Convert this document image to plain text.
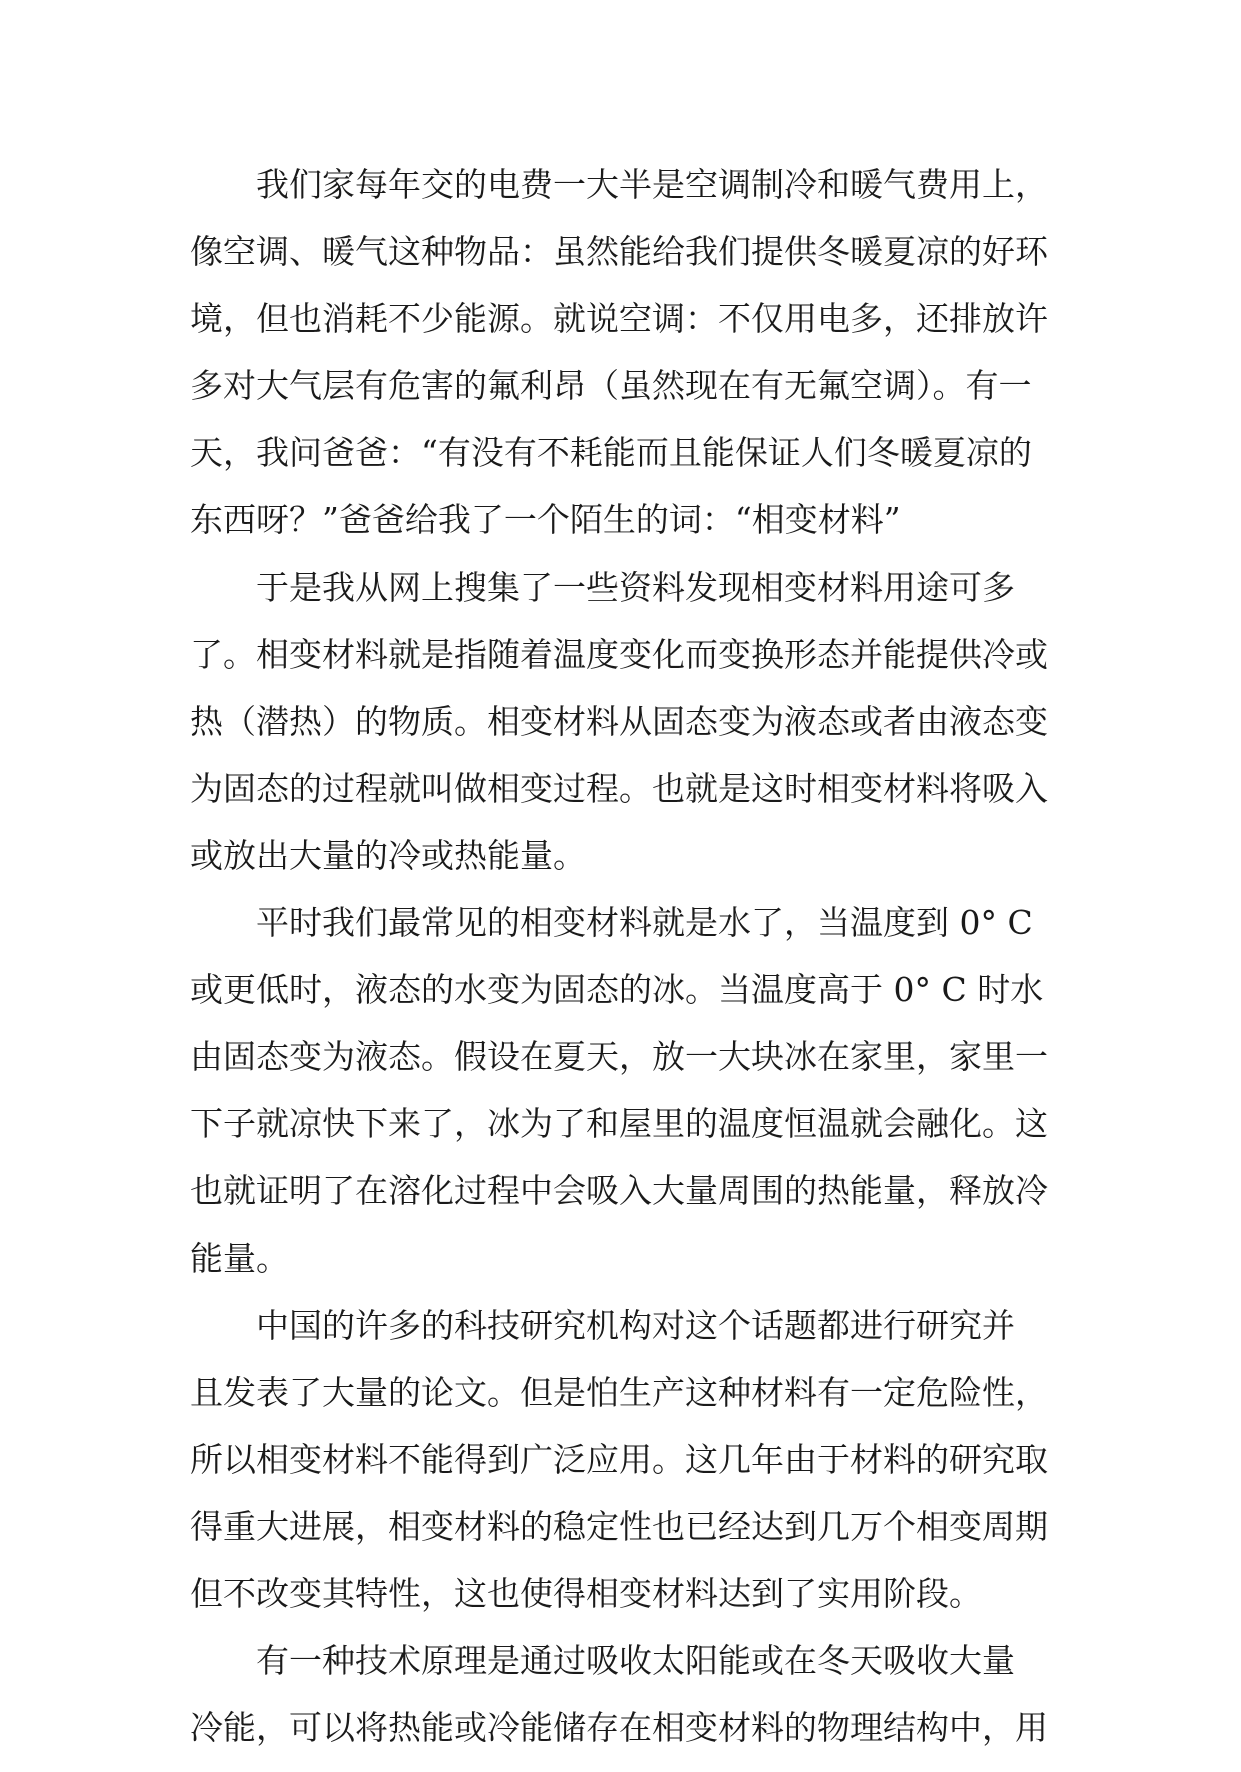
我们家每年交的电费一大半是空调制冷和暖气费用上，
像空调、暖气这种物品：虽然能给我们提供冬暖夏凉的好环
境，但也消耗不少能源。就说空调：不仅用电多，还排放许
多对大气层有危害的氟利昂（虽然现在有无氟空调）。有一
天，我问爸爸：“有没有不耗能而且能保证人们冬暖夏凉的
东西呀？”爸爸给我了一个陌生的词：“相变材料”
于是我从网上搜集了一些资料发现相变材料用途可多
了。相变材料就是指随着温度变化而变换形态并能提供冷或
热（潜热）的物质。相变材料从固态变为液态或者由液态变
为固态的过程就叫做相变过程。也就是这时相变材料将吸入
或放出大量的冷或热能量。
平时我们最常见的相变材料就是水了，当温度到 0° C
或更低时，液态的水变为固态的冰。当温度高于 0° C 时水
由固态变为液态。假设在夏天，放一大块冰在家里，家里一
下子就凉快下来了，冰为了和屋里的温度恒温就会融化。这
也就证明了在溶化过程中会吸入大量周围的热能量，释放冷
能量。
中国的许多的科技研究机构对这个话题都进行研究并
且发表了大量的论文。但是怕生产这种材料有一定危险性，
所以相变材料不能得到广泛应用。这几年由于材料的研究取
得重大进展，相变材料的稳定性也已经达到几万个相变周期
但不改变其特性，这也使得相变材料达到了实用阶段。
有一种技术原理是通过吸收太阳能或在冬天吸收大量
冷能，可以将热能或冷能储存在相变材料的物理结构中，用
